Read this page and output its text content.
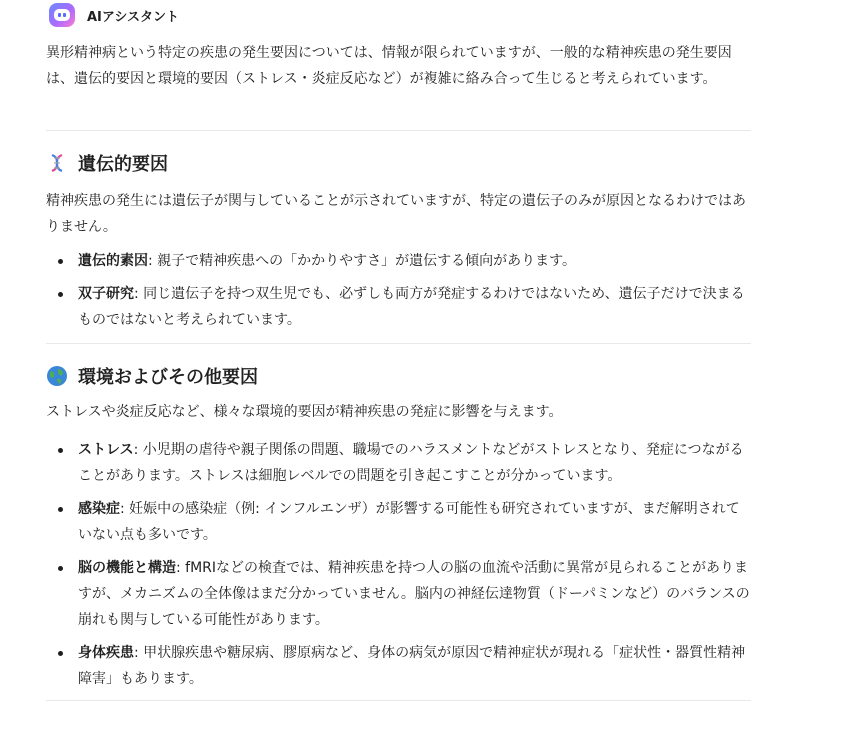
AIアシスタント

異形精神病という特定の疾患の発生要因については、情報が限られていますが、一般的な精神疾患の発生要因は、遺伝的要因と環境的要因（ストレス・炎症反応など）が複雑に絡み合って生じると考えられています。

遺伝的要因

精神疾患の発生には遺伝子が関与していることが示されていますが、特定の遺伝子のみが原因となるわけではありません。

遺伝的素因: 親子で精神疾患への「かかりやすさ」が遺伝する傾向があります。
双子研究: 同じ遺伝子を持つ双生児でも、必ずしも両方が発症するわけではないため、遺伝子だけで決まるものではないと考えられています。
環境およびその他要因

ストレスや炎症反応など、様々な環境的要因が精神疾患の発症に影響を与えます。

ストレス: 小児期の虐待や親子関係の問題、職場でのハラスメントなどがストレスとなり、発症につながることがあります。ストレスは細胞レベルでの問題を引き起こすことが分かっています。
感染症: 妊娠中の感染症（例: インフルエンザ）が影響する可能性も研究されていますが、まだ解明されていない点も多いです。
脳の機能と構造: fMRIなどの検査では、精神疾患を持つ人の脳の血流や活動に異常が見られることがありますが、メカニズムの全体像はまだ分かっていません。脳内の神経伝達物質（ドーパミンなど）のバランスの崩れも関与している可能性があります。
身体疾患: 甲状腺疾患や糖尿病、膠原病など、身体の病気が原因で精神症状が現れる「症状性・器質性精神障害」もあります。
